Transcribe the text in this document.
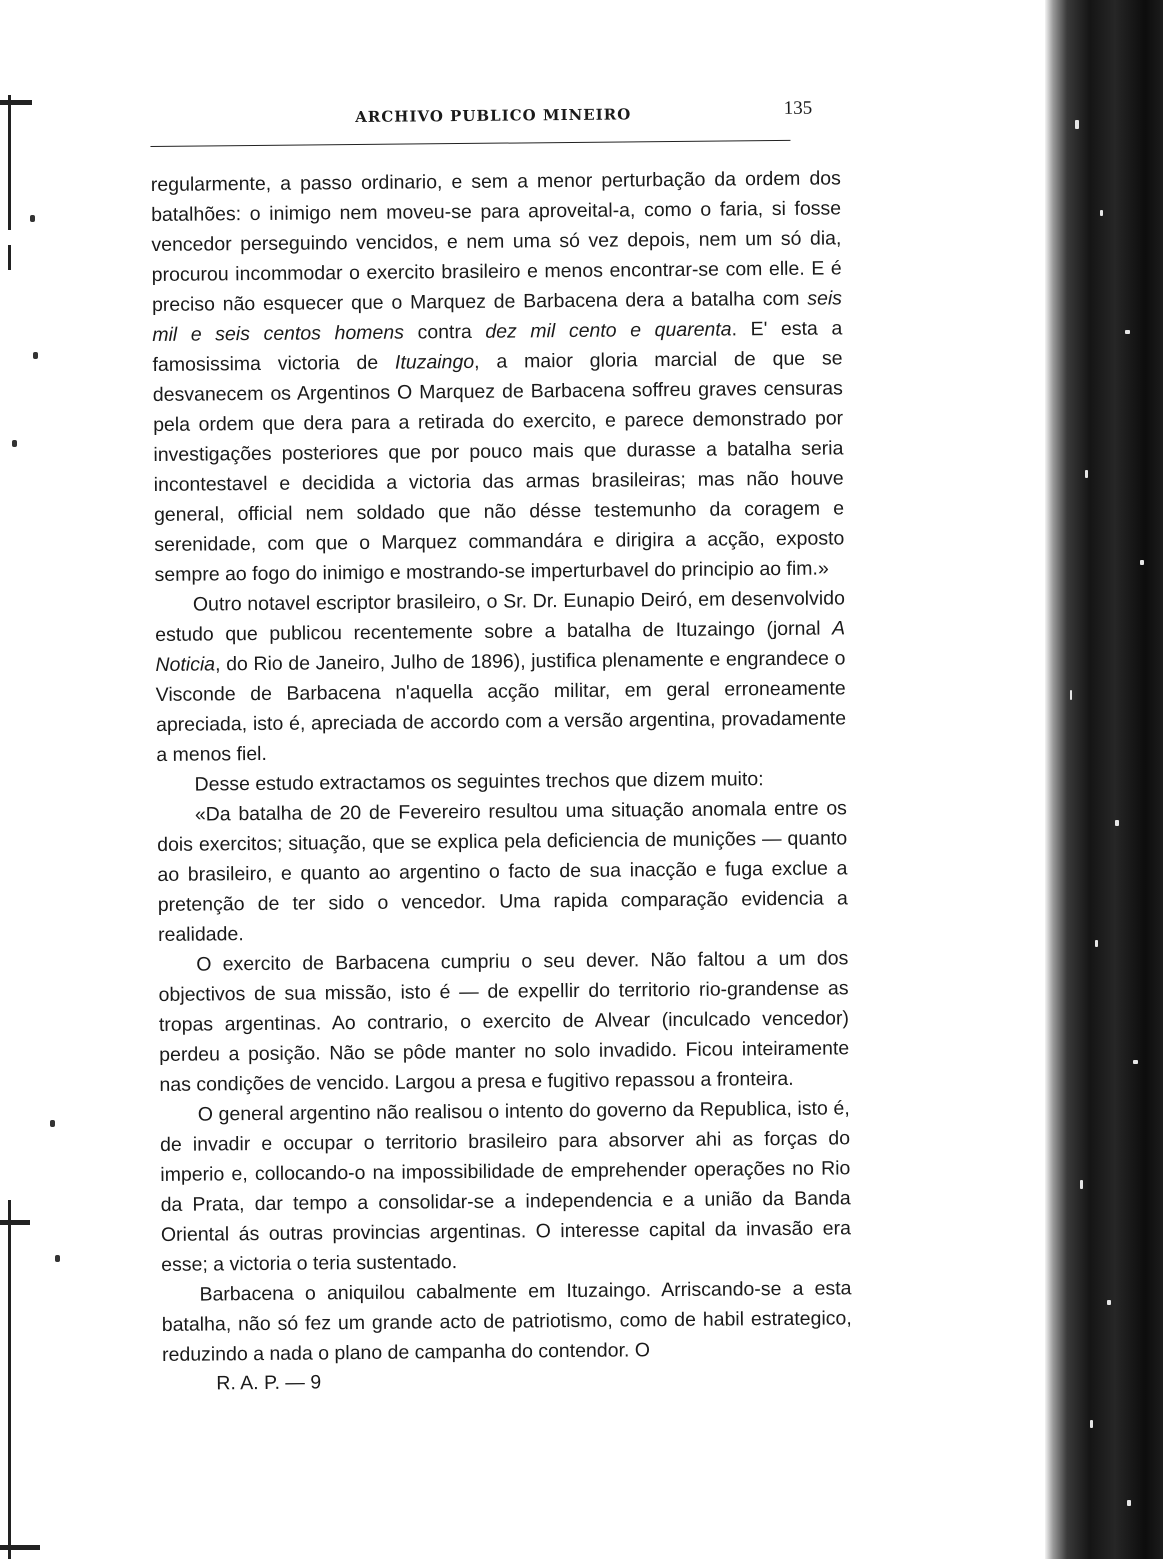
ARCHIVO PUBLICO MINEIRO	135

regularmente, a passo ordinario, e sem a menor perturbação da ordem dos batalhões: o inimigo nem moveu-se para aproveital-a, como o faria, si fosse vencedor perseguindo vencidos, e nem uma só vez depois, nem um só dia, procurou incommodar o exercito brasileiro e menos encontrar-se com elle. E é preciso não esquecer que o Marquez de Barbacena dera a batalha com seis mil e seis centos homens contra dez mil cento e quarenta. E' esta a famosissima victoria de Ituzaingo, a maior gloria marcial de que se desvanecem os Argentinos O Marquez de Barbacena soffreu graves censuras pela ordem que dera para a retirada do exercito, e parece demonstrado por investigações posteriores que por pouco mais que durasse a batalha seria incontestavel e decidida a victoria das armas brasileiras; mas não houve general, official nem soldado que não désse testemunho da coragem e serenidade, com que o Marquez commandára e dirigira a acção, exposto sempre ao fogo do inimigo e mostrando-se imperturbavel do principio ao fim.»

Outro notavel escriptor brasileiro, o Sr. Dr. Eunapio Deiró, em desenvolvido estudo que publicou recentemente sobre a batalha de Ituzaingo (jornal A Noticia, do Rio de Janeiro, Julho de 1896), justifica plenamente e engrandece o Visconde de Barbacena n'aquella acção militar, em geral erroneamente apreciada, isto é, apreciada de accordo com a versão argentina, provadamente a menos fiel.

Desse estudo extractamos os seguintes trechos que dizem muito:

«Da batalha de 20 de Fevereiro resultou uma situação anomala entre os dois exercitos; situação, que se explica pela deficiencia de munições — quanto ao brasileiro, e quanto ao argentino o facto de sua inacção e fuga exclue a pretenção de ter sido o vencedor. Uma rapida comparação evidencia a realidade.

O exercito de Barbacena cumpriu o seu dever. Não faltou a um dos objectivos de sua missão, isto é — de expellir do territorio rio-grandense as tropas argentinas. Ao contrario, o exercito de Alvear (inculcado vencedor) perdeu a posição. Não se pôde manter no solo invadido. Ficou inteiramente nas condições de vencido. Largou a presa e fugitivo repassou a fronteira.

O general argentino não realisou o intento do governo da Republica, isto é, de invadir e occupar o territorio brasileiro para absorver ahi as forças do imperio e, collocando-o na impossibilidade de emprehender operações no Rio da Prata, dar tempo a consolidar-se a independencia e a união da Banda Oriental ás outras provincias argentinas. O interesse capital da invasão era esse; a victoria o teria sustentado.

Barbacena o aniquilou cabalmente em Ituzaingo. Arriscando-se a esta batalha, não só fez um grande acto de patriotismo, como de habil estrategico, reduzindo a nada o plano de campanha do contendor. O

R. A. P. — 9
